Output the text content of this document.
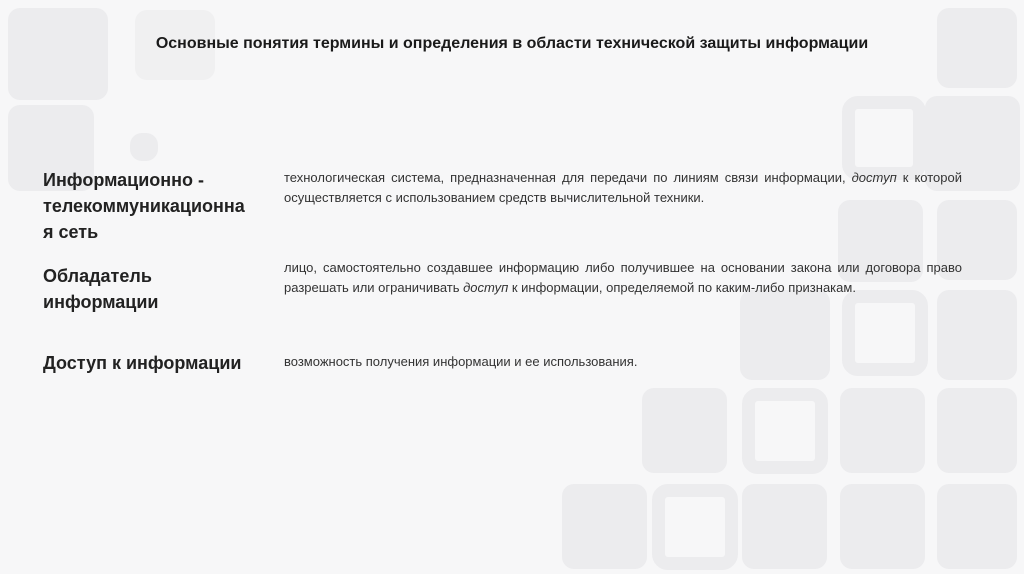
Основные понятия термины и определения в области технической защиты информации
Информационно -
телекоммуникационна
я сеть
технологическая система, предназначенная для передачи по линиям связи информации, доступ к которой осуществляется с использованием средств вычислительной техники.
Обладатель
информации
лицо, самостоятельно создавшее информацию либо получившее на основании закона или договора право разрешать или ограничивать доступ к информации, определяемой по каким-либо признакам.
Доступ к информации	возможность получения информации и ее использования.
